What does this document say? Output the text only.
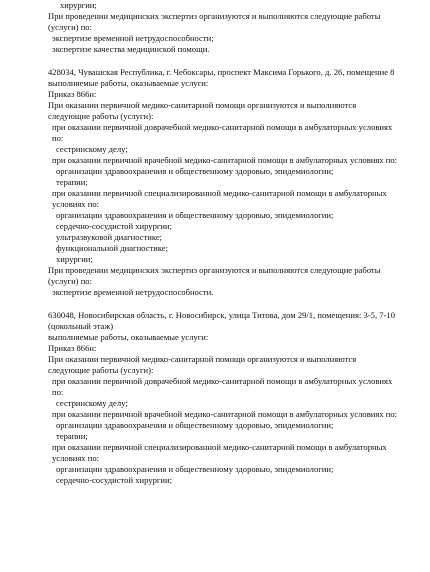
хирургии;

При проведении медицинских экспертиз организуются и выполняются следующие работы (услуги) по:

экспертизе временной нетрудоспособности;

экспертизе качества медицинской помощи.

428034, Чувашская Республика, г. Чебоксары, проспект Максима Горького, д. 26, помещение 8

выполняемые работы, оказываемые услуги:

Приказ 866н:

При оказании первичной медико-санитарной помощи организуются и выполняются следующие работы (услуги):

при оказании первичной доврачебной медико-санитарной помощи в амбулаторных условиях по:

сестринскому делу;

при оказании первичной врачебной медико-санитарной помощи в амбулаторных условиях по:

организации здравоохранения и общественному здоровью, эпидемиологии;

терапии;

при оказании первичной специализированной медико-санитарной помощи в амбулаторных условиях по:

организации здравоохранения и общественному здоровью, эпидемиологии;

сердечно-сосудистой хирургии;

ультразвуковой диагностике;

функциональной диагностике;

хирургии;

При проведении медицинских экспертиз организуются и выполняются следующие работы (услуги) по:

экспертизе временной нетрудоспособности.

630048, Новосибирская область, г. Новосибирск, улица Титова, дом 29/1, помещения: 3-5, 7-10 (цокольный этаж)

выполняемые работы, оказываемые услуги:

Приказ 866н:

При оказании первичной медико-санитарной помощи организуются и выполняются следующие работы (услуги):

при оказании первичной доврачебной медико-санитарной помощи в амбулаторных условиях по:

сестринскому делу;

при оказании первичной врачебной медико-санитарной помощи в амбулаторных условиях по:

организации здравоохранения и общественному здоровью, эпидемиологии;

терапии;

при оказании первичной специализированной медико-санитарной помощи в амбулаторных условиях по:

организации здравоохранения и общественному здоровью, эпидемиологии;

сердечно-сосудистой хирургии;
